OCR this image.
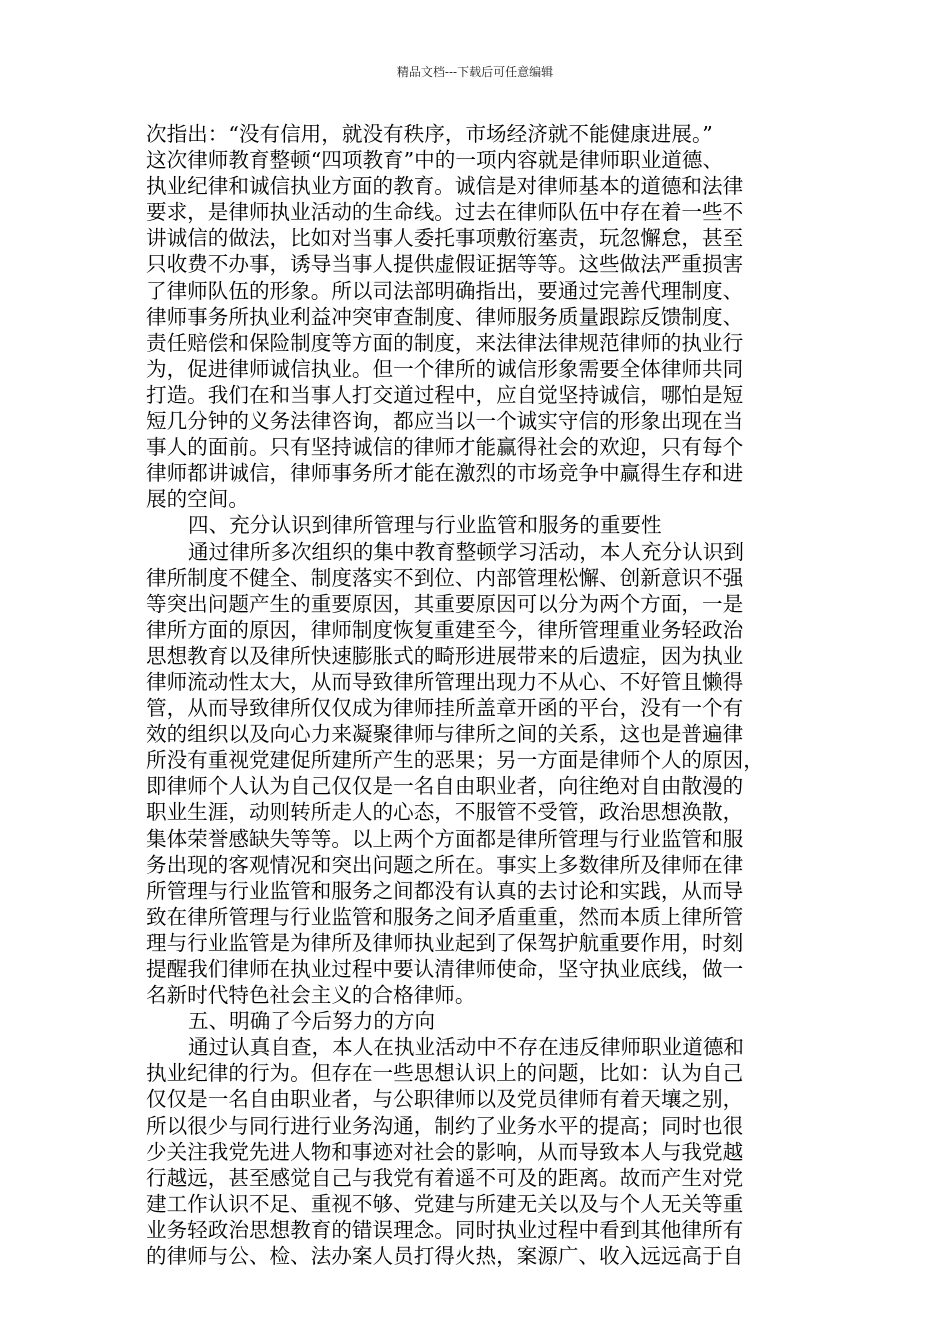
精品文档---下载后可任意编辑
次指出：“没有信用，就没有秩序，市场经济就不能健康进展。”
这次律师教育整顿“四项教育”中的一项内容就是律师职业道德、
执业纪律和诚信执业方面的教育。诚信是对律师基本的道德和法律
要求，是律师执业活动的生命线。过去在律师队伍中存在着一些不
讲诚信的做法，比如对当事人委托事项敷衍塞责，玩忽懈怠，甚至
只收费不办事，诱导当事人提供虚假证据等等。这些做法严重损害
了律师队伍的形象。所以司法部明确指出，要通过完善代理制度、
律师事务所执业利益冲突审查制度、律师服务质量跟踪反馈制度、
责任赔偿和保险制度等方面的制度，来法律法律规范律师的执业行
为，促进律师诚信执业。但一个律所的诚信形象需要全体律师共同
打造。我们在和当事人打交道过程中，应自觉坚持诚信，哪怕是短
短几分钟的义务法律咨询，都应当以一个诚实守信的形象出现在当
事人的面前。只有坚持诚信的律师才能赢得社会的欢迎，只有每个
律师都讲诚信，律师事务所才能在激烈的市场竞争中赢得生存和进
展的空间。
四、充分认识到律所管理与行业监管和服务的重要性
通过律所多次组织的集中教育整顿学习活动，本人充分认识到
律所制度不健全、制度落实不到位、内部管理松懈、创新意识不强
等突出问题产生的重要原因，其重要原因可以分为两个方面，一是
律所方面的原因，律师制度恢复重建至今，律所管理重业务轻政治
思想教育以及律所快速膨胀式的畸形进展带来的后遗症，因为执业
律师流动性太大，从而导致律所管理出现力不从心、不好管且懒得
管，从而导致律所仅仅成为律师挂所盖章开函的平台，没有一个有
效的组织以及向心力来凝聚律师与律所之间的关系，这也是普遍律
所没有重视党建促所建所产生的恶果；另一方面是律师个人的原因，
即律师个人认为自己仅仅是一名自由职业者，向往绝对自由散漫的
职业生涯，动则转所走人的心态，不服管不受管，政治思想涣散，
集体荣誉感缺失等等。以上两个方面都是律所管理与行业监管和服
务出现的客观情况和突出问题之所在。事实上多数律所及律师在律
所管理与行业监管和服务之间都没有认真的去讨论和实践，从而导
致在律所管理与行业监管和服务之间矛盾重重，然而本质上律所管
理与行业监管是为律所及律师执业起到了保驾护航重要作用，时刻
提醒我们律师在执业过程中要认清律师使命，坚守执业底线，做一
名新时代特色社会主义的合格律师。
五、明确了今后努力的方向
通过认真自查，本人在执业活动中不存在违反律师职业道德和
执业纪律的行为。但存在一些思想认识上的问题，比如：认为自己
仅仅是一名自由职业者，与公职律师以及党员律师有着天壤之别，
所以很少与同行进行业务沟通，制约了业务水平的提高；同时也很
少关注我党先进人物和事迹对社会的影响，从而导致本人与我党越
行越远，甚至感觉自己与我党有着遥不可及的距离。故而产生对党
建工作认识不足、重视不够、党建与所建无关以及与个人无关等重
业务轻政治思想教育的错误理念。同时执业过程中看到其他律所有
的律师与公、检、法办案人员打得火热，案源广、收入远远高于自
